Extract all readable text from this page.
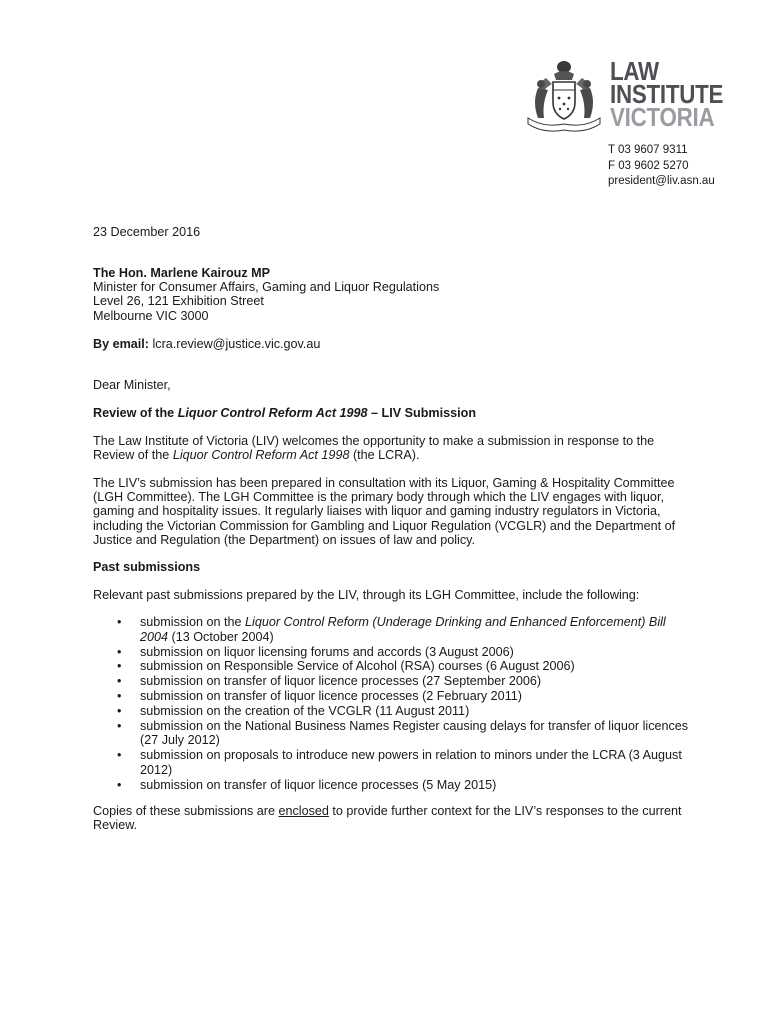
LAW
INSTITUTE
VICTORIA
T 03 9607 9311
F 03 9602 5270
president@liv.asn.au
23 December 2016
The Hon. Marlene Kairouz MP
Minister for Consumer Affairs, Gaming and Liquor Regulations
Level 26, 121 Exhibition Street
Melbourne VIC 3000
By email: lcra.review@justice.vic.gov.au
Dear Minister,
Review of the Liquor Control Reform Act 1998 – LIV Submission
The Law Institute of Victoria (LIV) welcomes the opportunity to make a submission in response to the Review of the Liquor Control Reform Act 1998 (the LCRA).
The LIV’s submission has been prepared in consultation with its Liquor, Gaming & Hospitality Committee (LGH Committee). The LGH Committee is the primary body through which the LIV engages with liquor, gaming and hospitality issues. It regularly liaises with liquor and gaming industry regulators in Victoria, including the Victorian Commission for Gambling and Liquor Regulation (VCGLR) and the Department of Justice and Regulation (the Department) on issues of law and policy.
Past submissions
Relevant past submissions prepared by the LIV, through its LGH Committee, include the following:
• submission on the Liquor Control Reform (Underage Drinking and Enhanced Enforcement) Bill 2004 (13 October 2004)
• submission on liquor licensing forums and accords (3 August 2006)
• submission on Responsible Service of Alcohol (RSA) courses (6 August 2006)
• submission on transfer of liquor licence processes (27 September 2006)
• submission on transfer of liquor licence processes (2 February 2011)
• submission on the creation of the VCGLR (11 August 2011)
• submission on the National Business Names Register causing delays for transfer of liquor licences (27 July 2012)
• submission on proposals to introduce new powers in relation to minors under the LCRA (3 August 2012)
• submission on transfer of liquor licence processes (5 May 2015)
Copies of these submissions are enclosed to provide further context for the LIV’s responses to the current Review.
